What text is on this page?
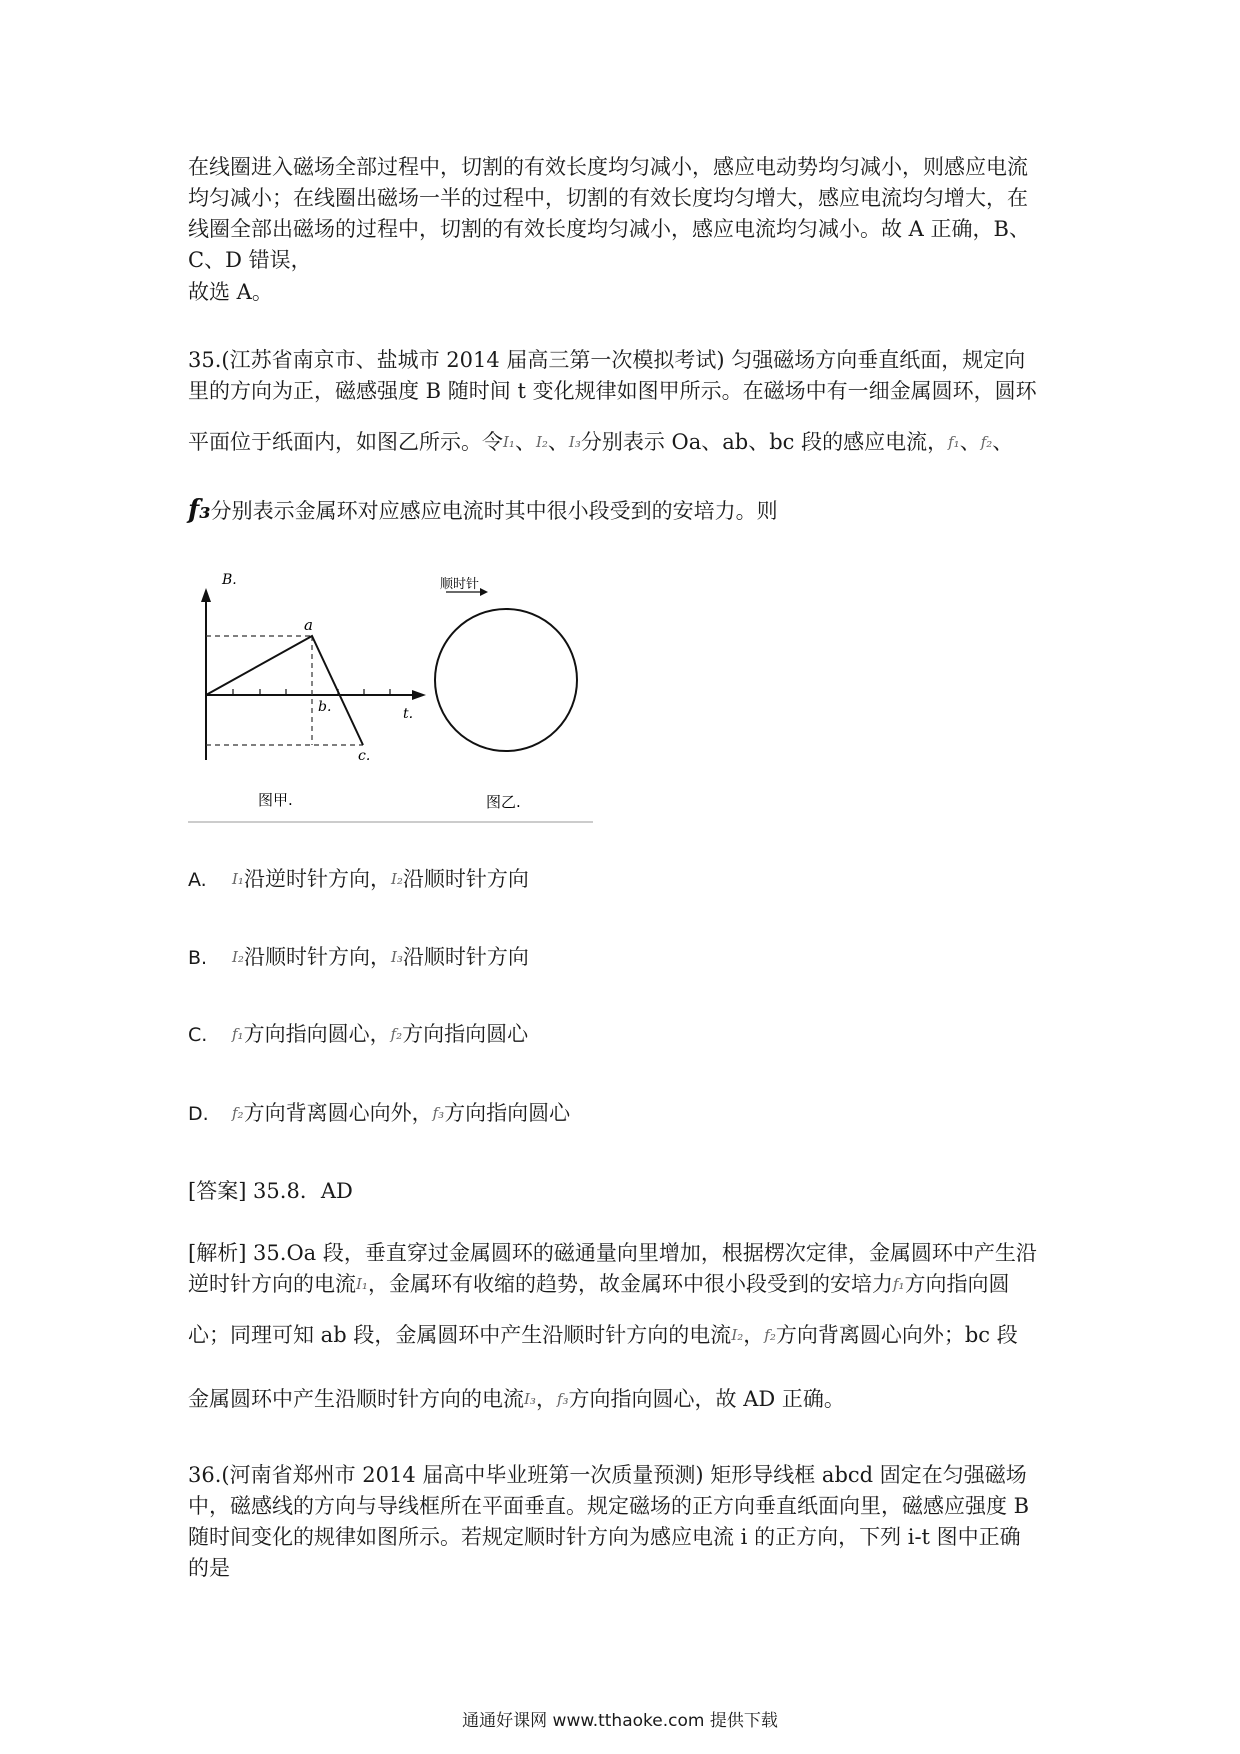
在线圈进入磁场全部过程中，切割的有效长度均匀减小，感应电动势均匀减小，则感应电流
均匀减小；在线圈出磁场一半的过程中，切割的有效长度均匀增大，感应电流均匀增大，在
线圈全部出磁场的过程中，切割的有效长度均匀减小，感应电流均匀减小。故 A 正确，B、
C、D 错误，
故选 A。
35.(江苏省南京市、盐城市 2014 届高三第一次模拟考试) 匀强磁场方向垂直纸面，规定向
里的方向为正，磁感强度 B 随时间 t 变化规律如图甲所示。在磁场中有一细金属圆环，圆环
平面位于纸面内，如图乙所示。令I₁、I₂、I₃分别表示 Oa、ab、bc 段的感应电流，f₁、f₂、
f₃分别表示金属环对应感应电流时其中很小段受到的安培力。则
B.
a
b.
c.
t.
图甲.
顺时针
图乙.
A. I₁沿逆时针方向，I₂沿顺时针方向
B. I₂沿顺时针方向，I₃沿顺时针方向
C. f₁方向指向圆心，f₂方向指向圆心
D. f₂方向背离圆心向外，f₃方向指向圆心
[答案] 35.8．AD
[解析] 35.Oa 段，垂直穿过金属圆环的磁通量向里增加，根据楞次定律，金属圆环中产生沿
逆时针方向的电流I₁，金属环有收缩的趋势，故金属环中很小段受到的安培力f₁方向指向圆
心；同理可知 ab 段，金属圆环中产生沿顺时针方向的电流I₂，f₂方向背离圆心向外；bc 段
金属圆环中产生沿顺时针方向的电流I₃，f₃方向指向圆心，故 AD 正确。
36.(河南省郑州市 2014 届高中毕业班第一次质量预测) 矩形导线框 abcd 固定在匀强磁场
中，磁感线的方向与导线框所在平面垂直。规定磁场的正方向垂直纸面向里，磁感应强度 B
随时间变化的规律如图所示。若规定顺时针方向为感应电流 i 的正方向，下列 i-t 图中正确
的是
通通好课网 www.tthaoke.com 提供下载
